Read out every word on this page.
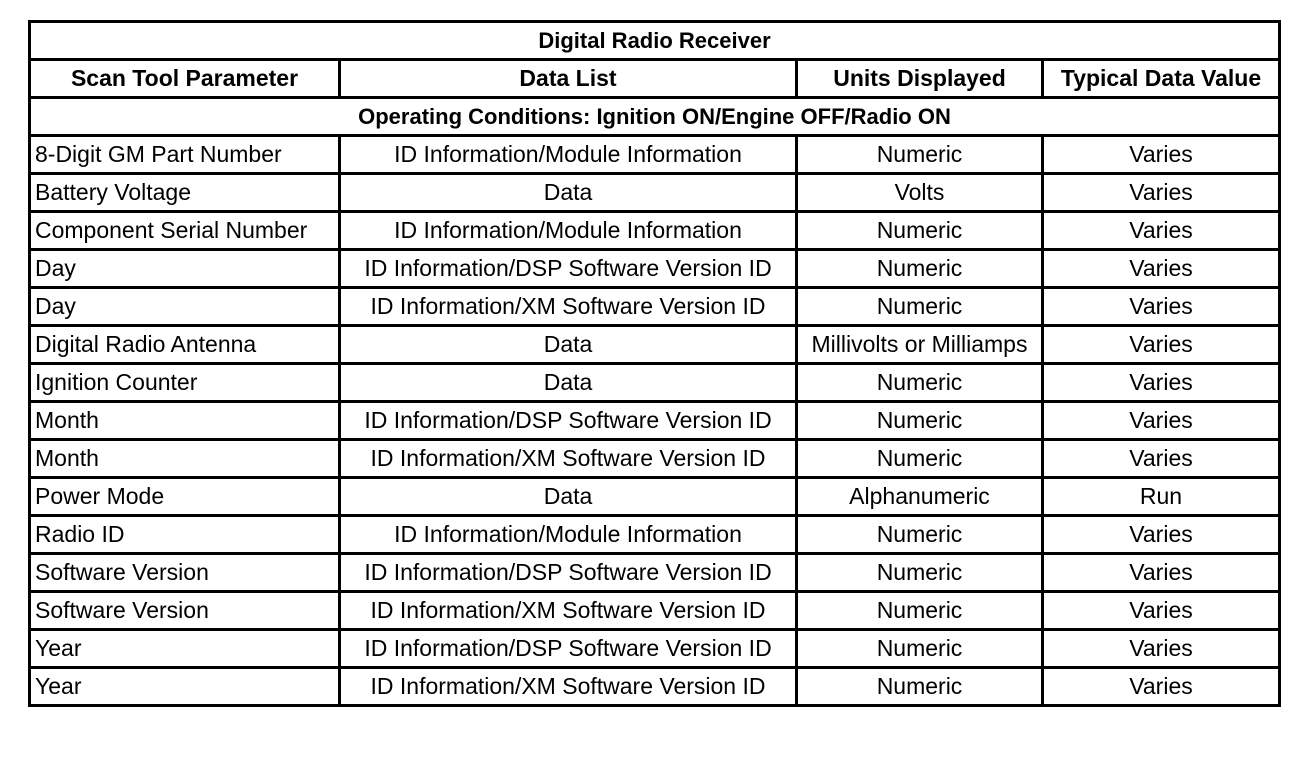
Digital Radio Receiver			
Scan Tool Parameter	Data List	Units Displayed	Typical Data Value
Operating Conditions: Ignition ON/Engine OFF/Radio ON			
8-Digit GM Part Number	ID Information/Module Information	Numeric	Varies
Battery Voltage	Data	Volts	Varies
Component Serial Number	ID Information/Module Information	Numeric	Varies
Day	ID Information/DSP Software Version ID	Numeric	Varies
Day	ID Information/XM Software Version ID	Numeric	Varies
Digital Radio Antenna	Data	Millivolts or Milliamps	Varies
Ignition Counter	Data	Numeric	Varies
Month	ID Information/DSP Software Version ID	Numeric	Varies
Month	ID Information/XM Software Version ID	Numeric	Varies
Power Mode	Data	Alphanumeric	Run
Radio ID	ID Information/Module Information	Numeric	Varies
Software Version	ID Information/DSP Software Version ID	Numeric	Varies
Software Version	ID Information/XM Software Version ID	Numeric	Varies
Year	ID Information/DSP Software Version ID	Numeric	Varies
Year	ID Information/XM Software Version ID	Numeric	Varies
